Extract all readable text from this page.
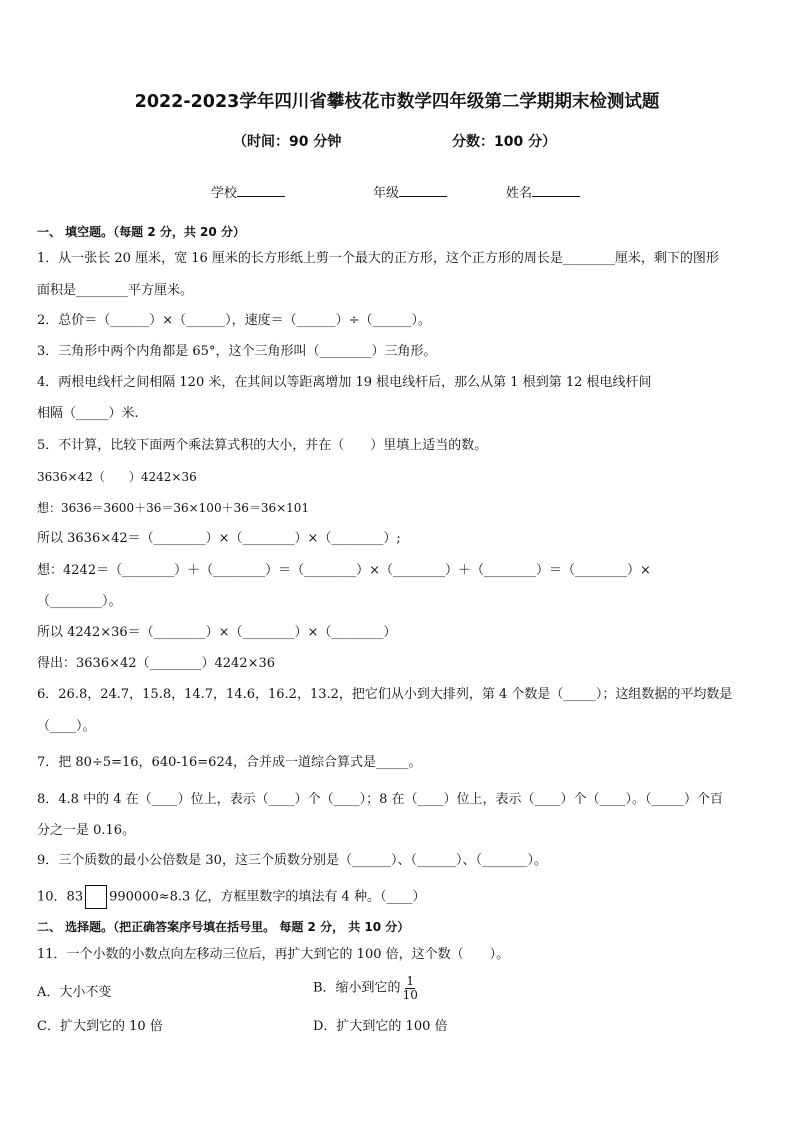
2022-2023学年四川省攀枝花市数学四年级第二学期期末检测试题
（时间：90 分钟	分数：100 分）
学校	年级	姓名
一、 填空题。（每题 2 分，共 20 分）
1．从一张长 20 厘米，宽 16 厘米的长方形纸上剪一个最大的正方形，这个正方形的周长是________厘米，剩下的图形
面积是________平方厘米。
2．总价＝（______）×（______），速度＝（______）÷（______）。
3．三角形中两个内角都是 65°，这个三角形叫（________）三角形。
4．两根电线杆之间相隔 120 米，在其间以等距离增加 19 根电线杆后，那么从第 1 根到第 12 根电线杆间
相隔（_____）米.
5．不计算，比较下面两个乘法算式积的大小，并在（　　）里填上适当的数。
3636×42（　　）4242×36
想：3636＝3600＋36＝36×100＋36＝36×101
所以 3636×42＝（________）×（________）×（________）;
想：4242＝（________）＋（________）＝（________）×（________）＋（________）＝（________）×
（________）。
所以 4242×36＝（________）×（________）×（________）
得出：3636×42（________）4242×36
6．26.8，24.7，15.8，14.7，14.6，16.2，13.2，把它们从小到大排列，第 4 个数是（_____）；这组数据的平均数是
（____）。
7．把 80÷5=16，640-16=624，合并成一道综合算式是_____。
8．4.8 中的 4 在（____）位上，表示（____）个（____）；8 在（____）位上，表示（____）个（____）。（_____）个百
分之一是 0.16。
9．三个质数的最小公倍数是 30，这三个质数分别是（______）、（______）、（_______）。
10．83 990000≈8.3 亿，方框里数字的填法有 4 种。（____）
二、 选择题。（把正确答案序号填在括号里。 每题 2 分， 共 10 分）
11．一个小数的小数点向左移动三位后，再扩大到它的 100 倍，这个数（　　）。
A．大小不变	B．缩小到它的 $\frac{1}{10}$
C．扩大到它的 10 倍	D．扩大到它的 100 倍
